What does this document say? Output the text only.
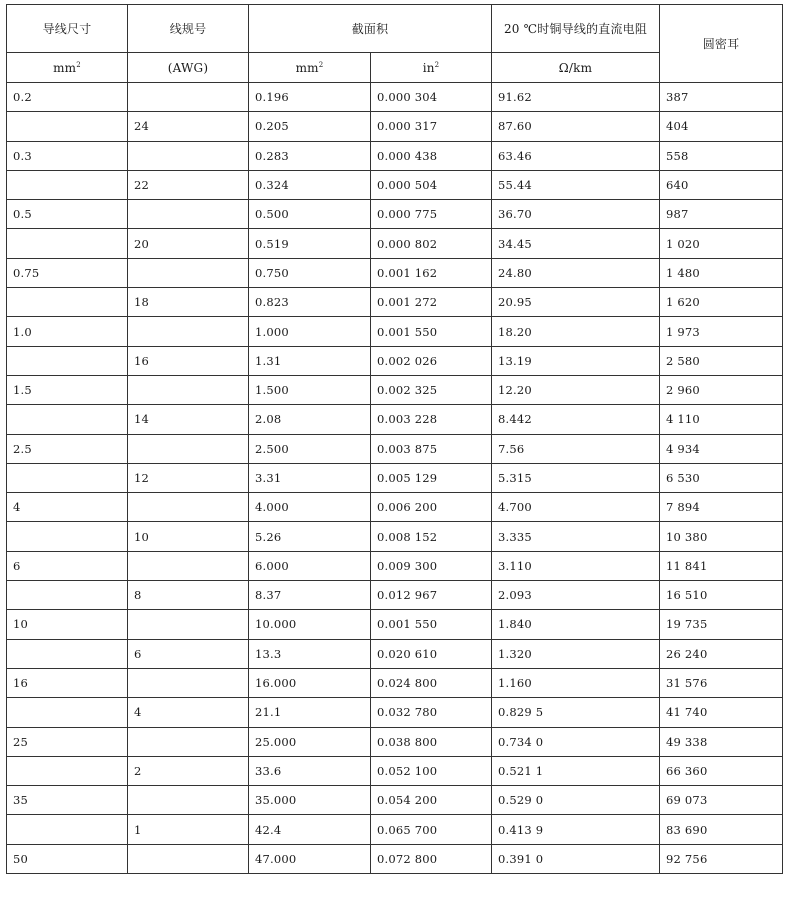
导线尺寸	线规号	截面积		20 ℃时铜导线的直流电阻	圆密耳
$mm^2$	(AWG)	$mm^2$	$in^2$	Ω/km	
0.2		0.196	0.000 304	91.62	387
	24	0.205	0.000 317	87.60	404
0.3		0.283	0.000 438	63.46	558
	22	0.324	0.000 504	55.44	640
0.5		0.500	0.000 775	36.70	987
	20	0.519	0.000 802	34.45	1 020
0.75		0.750	0.001 162	24.80	1 480
	18	0.823	0.001 272	20.95	1 620
1.0		1.000	0.001 550	18.20	1 973
	16	1.31	0.002 026	13.19	2 580
1.5		1.500	0.002 325	12.20	2 960
	14	2.08	0.003 228	8.442	4 110
2.5		2.500	0.003 875	7.56	4 934
	12	3.31	0.005 129	5.315	6 530
4		4.000	0.006 200	4.700	7 894
	10	5.26	0.008 152	3.335	10 380
6		6.000	0.009 300	3.110	11 841
	8	8.37	0.012 967	2.093	16 510
10		10.000	0.001 550	1.840	19 735
	6	13.3	0.020 610	1.320	26 240
16		16.000	0.024 800	1.160	31 576
	4	21.1	0.032 780	0.829 5	41 740
25		25.000	0.038 800	0.734 0	49 338
	2	33.6	0.052 100	0.521 1	66 360
35		35.000	0.054 200	0.529 0	69 073
	1	42.4	0.065 700	0.413 9	83 690
50		47.000	0.072 800	0.391 0	92 756
